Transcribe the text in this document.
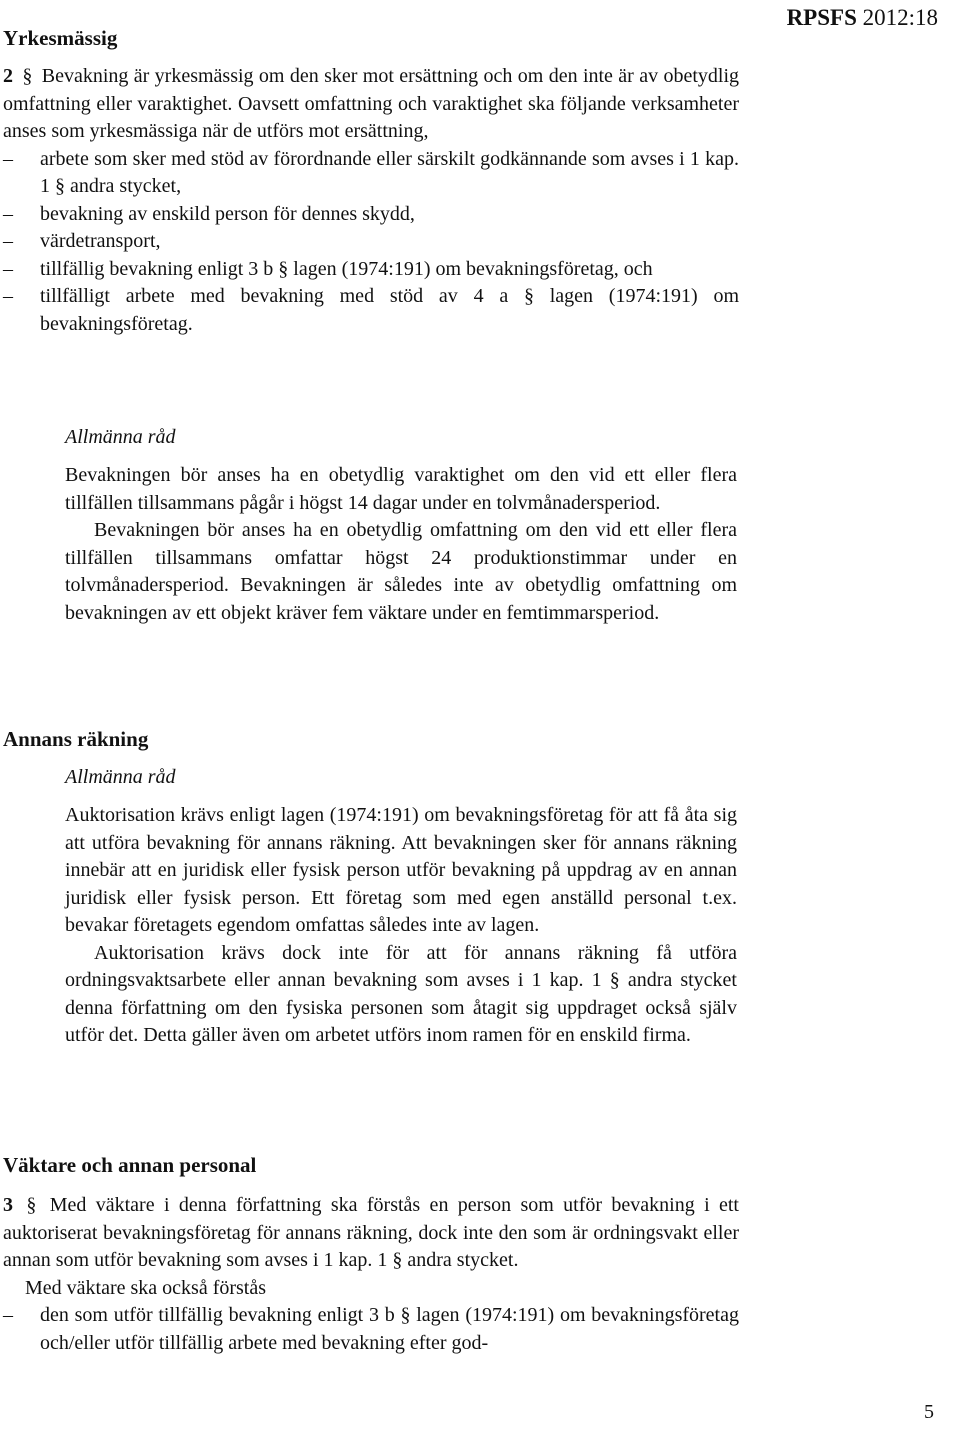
RPSFS 2012:18
Yrkesmässig

2 § Bevakning är yrkesmässig om den sker mot ersättning och om den inte är av obetydlig omfattning eller varaktighet. Oavsett omfattning och varaktighet ska följande verksamheter anses som yrkesmässiga när de utförs mot ersättning,

– arbete som sker med stöd av förordnande eller särskilt godkännande som avses i 1 kap. 1 § andra stycket,

– bevakning av enskild person för dennes skydd,

– värdetransport,

– tillfällig bevakning enligt 3 b § lagen (1974:191) om bevakningsföretag, och

– tillfälligt arbete med bevakning med stöd av 4 a § lagen (1974:191) om bevakningsföretag.

Allmänna råd

Bevakningen bör anses ha en obetydlig varaktighet om den vid ett eller flera tillfällen tillsammans pågår i högst 14 dagar under en tolvmånadersperiod.

Bevakningen bör anses ha en obetydlig omfattning om den vid ett eller flera tillfällen tillsammans omfattar högst 24 produktionstimmar under en tolvmånadersperiod. Bevakningen är således inte av obetydlig omfattning om bevakningen av ett objekt kräver fem väktare under en femtimmarsperiod.

Annans räkning
Allmänna råd

Auktorisation krävs enligt lagen (1974:191) om bevakningsföretag för att få åta sig att utföra bevakning för annans räkning. Att bevakningen sker för annans räkning innebär att en juridisk eller fysisk person utför bevakning på uppdrag av en annan juridisk eller fysisk person. Ett företag som med egen anställd personal t.ex. bevakar företagets egendom omfattas således inte av lagen.

Auktorisation krävs dock inte för att för annans räkning få utföra ordningsvaktsarbete eller annan bevakning som avses i 1 kap. 1 § andra stycket denna författning om den fysiska personen som åtagit sig uppdraget också själv utför det. Detta gäller även om arbetet utförs inom ramen för en enskild firma.

Väktare och annan personal

3 § Med väktare i denna författning ska förstås en person som utför bevakning i ett auktoriserat bevakningsföretag för annans räkning, dock inte den som är ordningsvakt eller annan som utför bevakning som avses i 1 kap. 1 § andra stycket.

Med väktare ska också förstås

– den som utför tillfällig bevakning enligt 3 b § lagen (1974:191) om bevakningsföretag och/eller utför tillfällig arbete med bevakning efter god-

5
